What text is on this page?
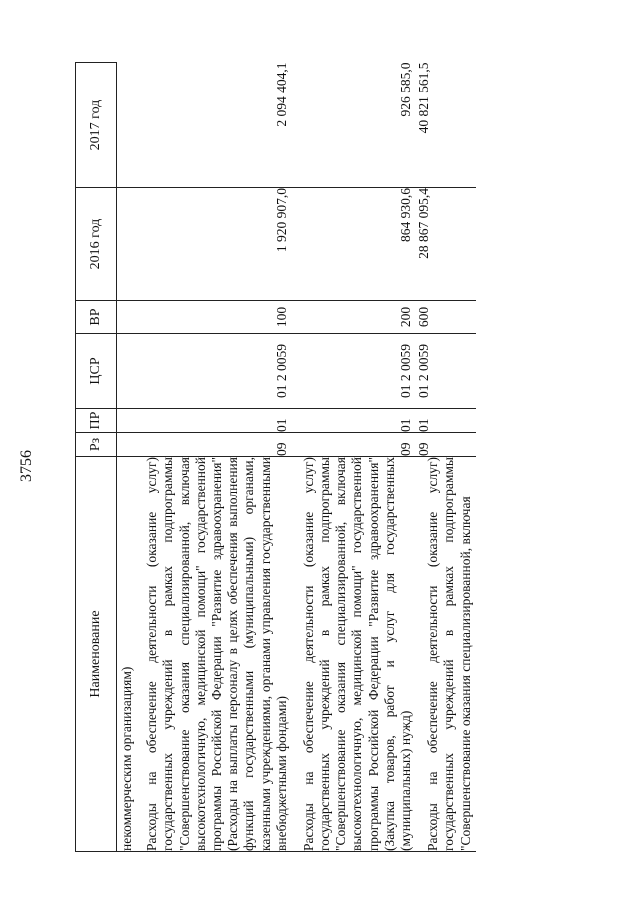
3756
Наименование	Рз	ПР	ЦСР	ВР	2016 год	2017 год
некоммерческим организациям)						
Расходы на обеспечение деятельности (оказание услуг) государственных учреждений в рамках подпрограммы "Совершенствование оказания специализированной, включая высокотехнологичную, медицинской помощи" государственной программы Российской Федерации "Развитие здравоохранения" (Расходы на выплаты персоналу в целях обеспечения выполнения функций государственными (муниципальными) органами, казенными учреждениями, органами управления государственными внебюджетными фондами)	09	01	01 2 0059	100	1 920 907,0	2 094 404,1
Расходы на обеспечение деятельности (оказание услуг) государственных учреждений в рамках подпрограммы "Совершенствование оказания специализированной, включая высокотехнологичную, медицинской помощи" государственной программы Российской Федерации "Развитие здравоохранения" (Закупка товаров, работ и услуг для государственных (муниципальных) нужд)	09	01	01 2 0059	200	864 930,6	926 585,0
Расходы на обеспечение деятельности (оказание услуг) государственных учреждений в рамках подпрограммы "Совершенствование оказания специализированной, включая	09	01	01 2 0059	600	28 867 095,4	40 821 561,5
